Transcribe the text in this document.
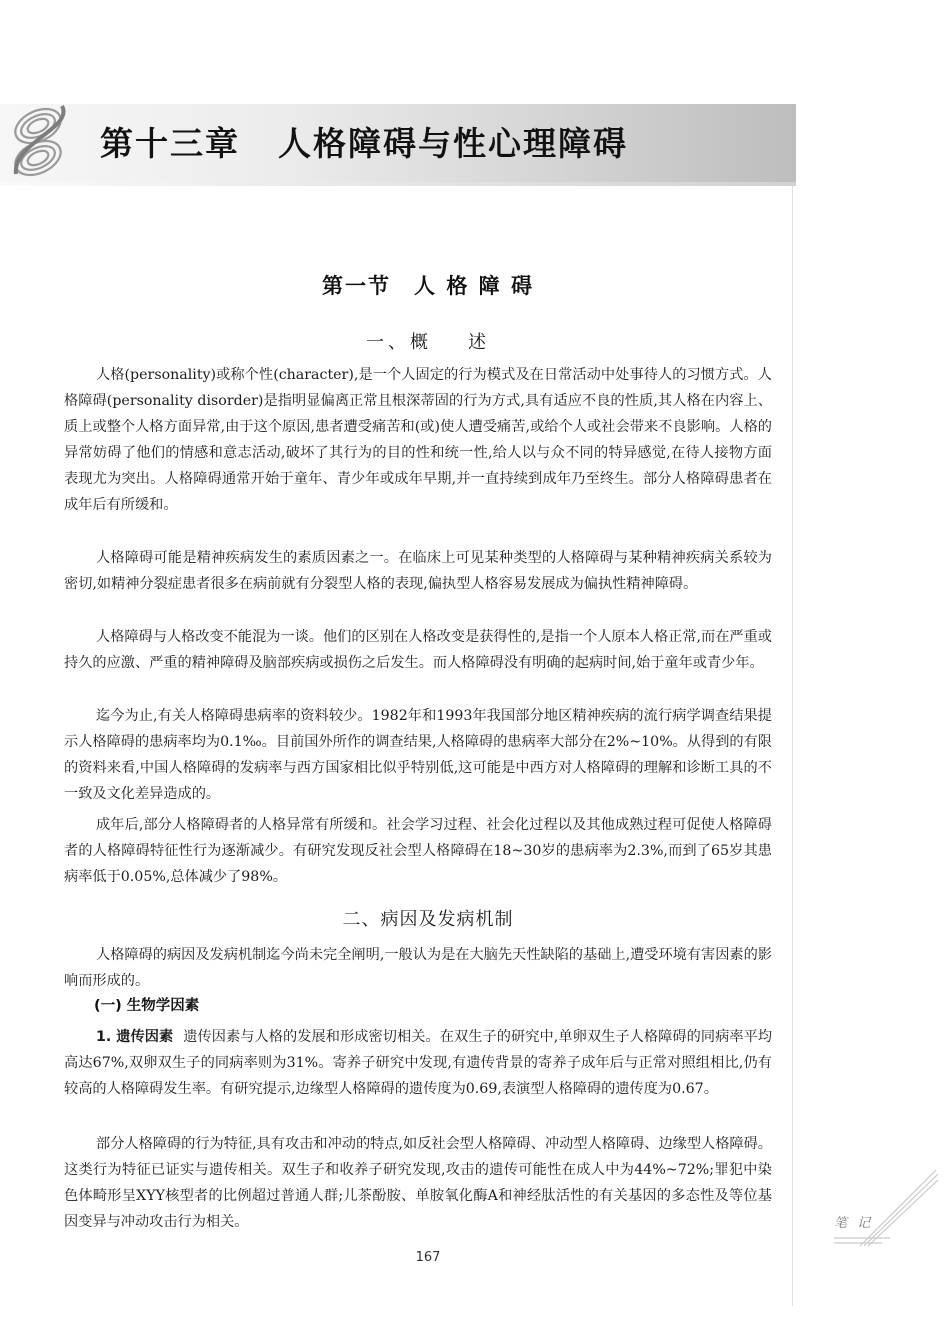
第十三章 人格障碍与性心理障碍
第一节　人 格 障 碍
一、概 述

人格(personality)或称个性(character),是一个人固定的行为模式及在日常活动中处事待人的习惯方式。人格障碍(personality disorder)是指明显偏离正常且根深蒂固的行为方式,具有适应不良的性质,其人格在内容上、质上或整个人格方面异常,由于这个原因,患者遭受痛苦和(或)使人遭受痛苦,或给个人或社会带来不良影响。人格的异常妨碍了他们的情感和意志活动,破坏了其行为的目的性和统一性,给人以与众不同的特异感觉,在待人接物方面表现尤为突出。人格障碍通常开始于童年、青少年或成年早期,并一直持续到成年乃至终生。部分人格障碍患者在成年后有所缓和。

人格障碍可能是精神疾病发生的素质因素之一。在临床上可见某种类型的人格障碍与某种精神疾病关系较为密切,如精神分裂症患者很多在病前就有分裂型人格的表现,偏执型人格容易发展成为偏执性精神障碍。

人格障碍与人格改变不能混为一谈。他们的区别在人格改变是获得性的,是指一个人原本人格正常,而在严重或持久的应激、严重的精神障碍及脑部疾病或损伤之后发生。而人格障碍没有明确的起病时间,始于童年或青少年。

迄今为止,有关人格障碍患病率的资料较少。1982年和1993年我国部分地区精神疾病的流行病学调查结果提示人格障碍的患病率均为0.1‰。目前国外所作的调查结果,人格障碍的患病率大部分在2%~10%。从得到的有限的资料来看,中国人格障碍的发病率与西方国家相比似乎特别低,这可能是中西方对人格障碍的理解和诊断工具的不一致及文化差异造成的。

成年后,部分人格障碍者的人格异常有所缓和。社会学习过程、社会化过程以及其他成熟过程可促使人格障碍者的人格障碍特征性行为逐渐减少。有研究发现反社会型人格障碍在18~30岁的患病率为2.3%,而到了65岁其患病率低于0.05%,总体减少了98%。

二、病因及发病机制

人格障碍的病因及发病机制迄今尚未完全阐明,一般认为是在大脑先天性缺陷的基础上,遭受环境有害因素的影响而形成的。

(一) 生物学因素

1. 遗传因素 遗传因素与人格的发展和形成密切相关。在双生子的研究中,单卵双生子人格障碍的同病率平均高达67%,双卵双生子的同病率则为31%。寄养子研究中发现,有遗传背景的寄养子成年后与正常对照组相比,仍有较高的人格障碍发生率。有研究提示,边缘型人格障碍的遗传度为0.69,表演型人格障碍的遗传度为0.67。

部分人格障碍的行为特征,具有攻击和冲动的特点,如反社会型人格障碍、冲动型人格障碍、边缘型人格障碍。这类行为特征已证实与遗传相关。双生子和收养子研究发现,攻击的遗传可能性在成人中为44%~72%;罪犯中染色体畸形呈XYY核型者的比例超过普通人群;儿茶酚胺、单胺氧化酶A和神经肽活性的有关基因的多态性及等位基因变异与冲动攻击行为相关。

167
笔 记
